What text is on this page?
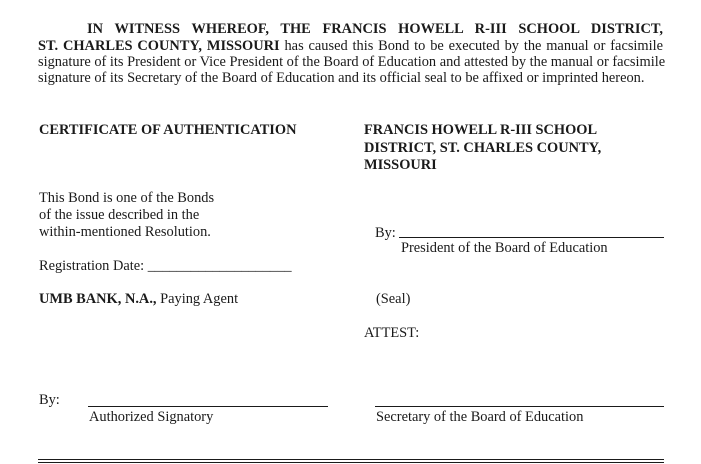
IN WITNESS WHEREOF, THE FRANCIS HOWELL R-III SCHOOL DISTRICT,
ST. CHARLES COUNTY, MISSOURI has caused this Bond to be executed by the manual or facsimile
signature of its President or Vice President of the Board of Education and attested by the manual or facsimile
signature of its Secretary of the Board of Education and its official seal to be affixed or imprinted hereon.
CERTIFICATE OF AUTHENTICATION
This Bond is one of the Bonds
of the issue described in the
within-mentioned Resolution.
Registration Date: ____________________
UMB BANK, N.A., Paying Agent
By:
Authorized Signatory
FRANCIS HOWELL R-III SCHOOL
DISTRICT, ST. CHARLES COUNTY,
MISSOURI
By:
President of the Board of Education
(Seal)
ATTEST:
Secretary of the Board of Education
